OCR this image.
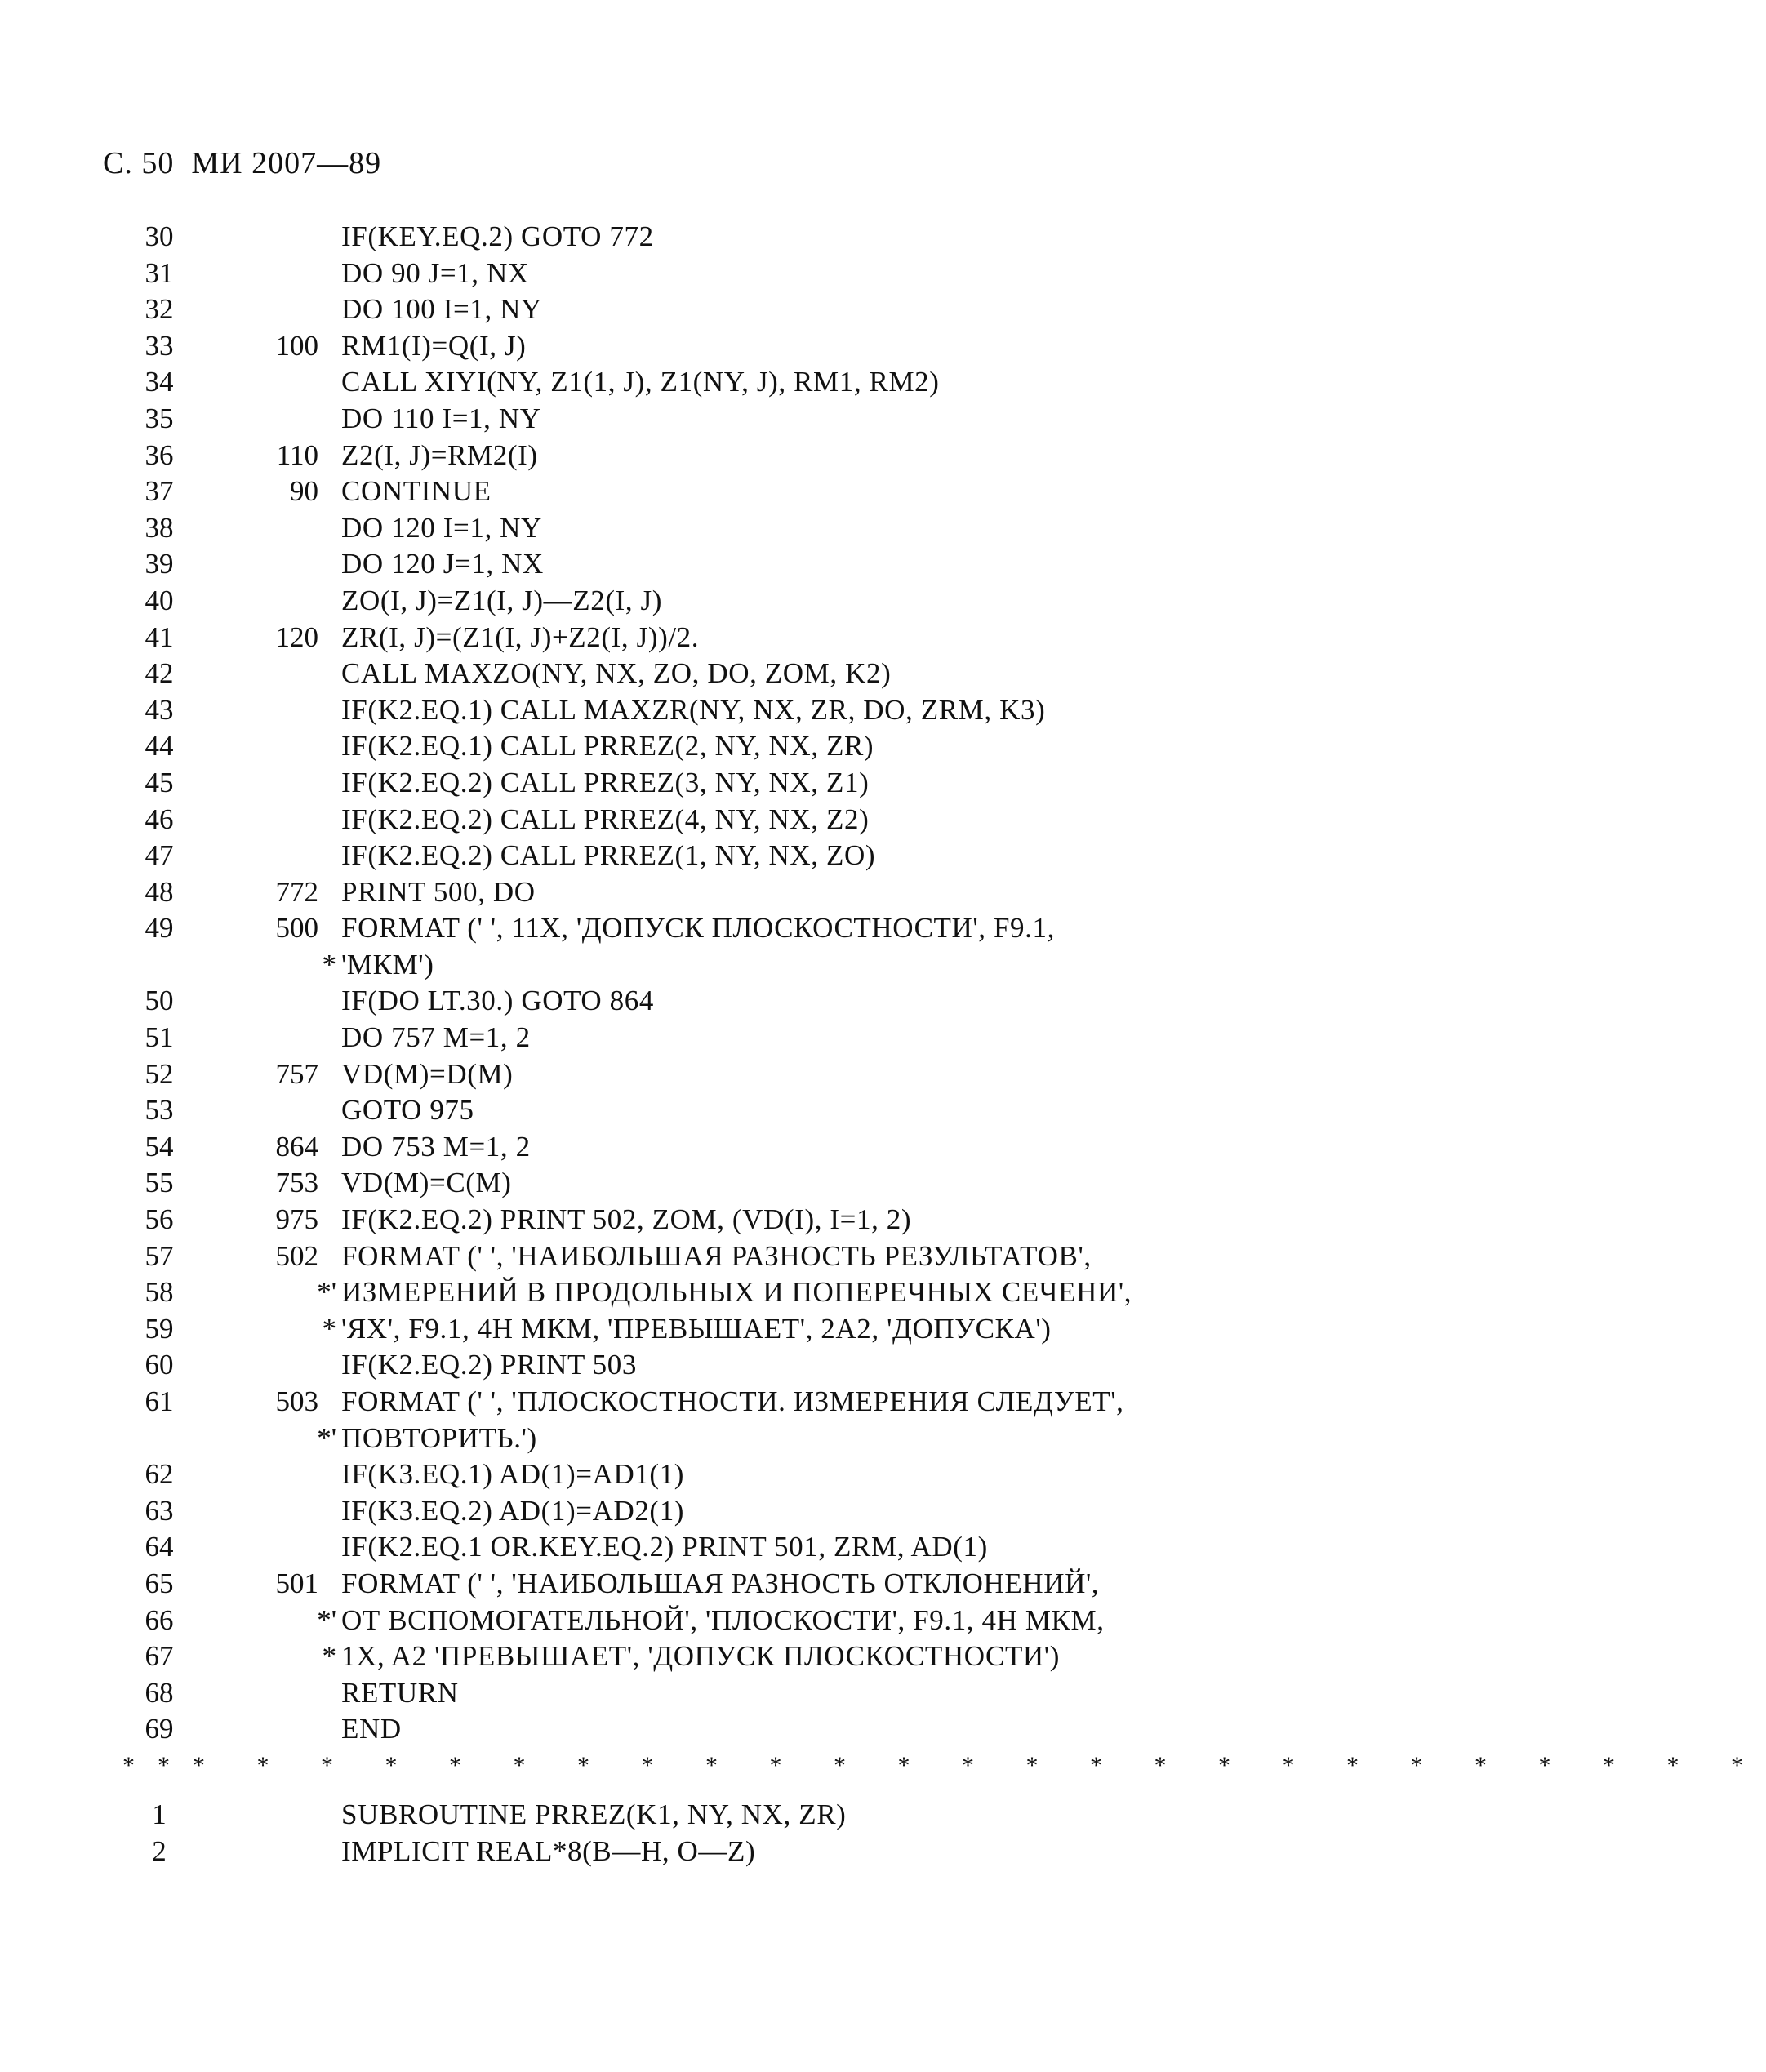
С. 50 МИ 2007—89
30	IF(KEY.EQ.2) GOTO 772
31	DO 90 J=1, NX
32	DO 100 I=1, NY
33	100 RM1(I)=Q(I, J)
34	CALL XIYI(NY, Z1(1, J), Z1(NY, J), RM1, RM2)
35	DO 110 I=1, NY
36	110 Z2(I, J)=RM2(I)
37	90 CONTINUE
38	DO 120 I=1, NY
39	DO 120 J=1, NX
40	ZO(I, J)=Z1(I, J)—Z2(I, J)
41	120 ZR(I, J)=(Z1(I, J)+Z2(I, J))/2.
42	CALL MAXZO(NY, NX, ZO, DO, ZOM, K2)
43	IF(K2.EQ.1) CALL MAXZR(NY, NX, ZR, DO, ZRM, K3)
44	IF(K2.EQ.1) CALL PRREZ(2, NY, NX, ZR)
45	IF(K2.EQ.2) CALL PRREZ(3, NY, NX, Z1)
46	IF(K2.EQ.2) CALL PRREZ(4, NY, NX, Z2)
47	IF(K2.EQ.2) CALL PRREZ(1, NY, NX, ZO)
48	772 PRINT 500, DO
49	500 FORMAT (' ', 11X, 'ДОПУСК ПЛОСКОСТНОСТИ', F9.1,
* 'МКМ')
50	IF(DO LT.30.) GOTO 864
51	DO 757 M=1, 2
52	757 VD(M)=D(M)
53	GOTO 975
54	864 DO 753 M=1, 2
55	753 VD(M)=C(M)
56	975 IF(K2.EQ.2) PRINT 502, ZOM, (VD(I), I=1, 2)
57	502 FORMAT (' ', 'НАИБОЛЬШАЯ РАЗНОСТЬ РЕЗУЛЬТАТОВ',
58	*' ИЗМЕРЕНИЙ В ПРОДОЛЬНЫХ И ПОПЕРЕЧНЫХ СЕЧЕНИ',
59	* 'ЯХ', F9.1, 4H МКМ, 'ПРЕВЫШАЕТ', 2A2, 'ДОПУСКА')
60	IF(K2.EQ.2) PRINT 503
61	503 FORMAT (' ', 'ПЛОСКОСТНОСТИ. ИЗМЕРЕНИЯ СЛЕДУЕТ',
*' ПОВТОРИТЬ.')
62	IF(K3.EQ.1) AD(1)=AD1(1)
63	IF(K3.EQ.2) AD(1)=AD2(1)
64	IF(K2.EQ.1 OR.KEY.EQ.2) PRINT 501, ZRM, AD(1)
65	501 FORMAT (' ', 'НАИБОЛЬШАЯ РАЗНОСТЬ ОТКЛОНЕНИЙ',
66	*' ОТ ВСПОМОГАТЕЛЬНОЙ', 'ПЛОСКОСТИ', F9.1, 4H МКМ,
67	* 1X, A2 'ПРЕВЫШАЕТ', 'ДОПУСК ПЛОСКОСТНОСТИ')
68	RETURN
69	END
*** * * * * * * * * * * * * * * * * * * * * * * * *
1	SUBROUTINE PRREZ(K1, NY, NX, ZR)
2	IMPLICIT REAL*8(B—H, O—Z)
